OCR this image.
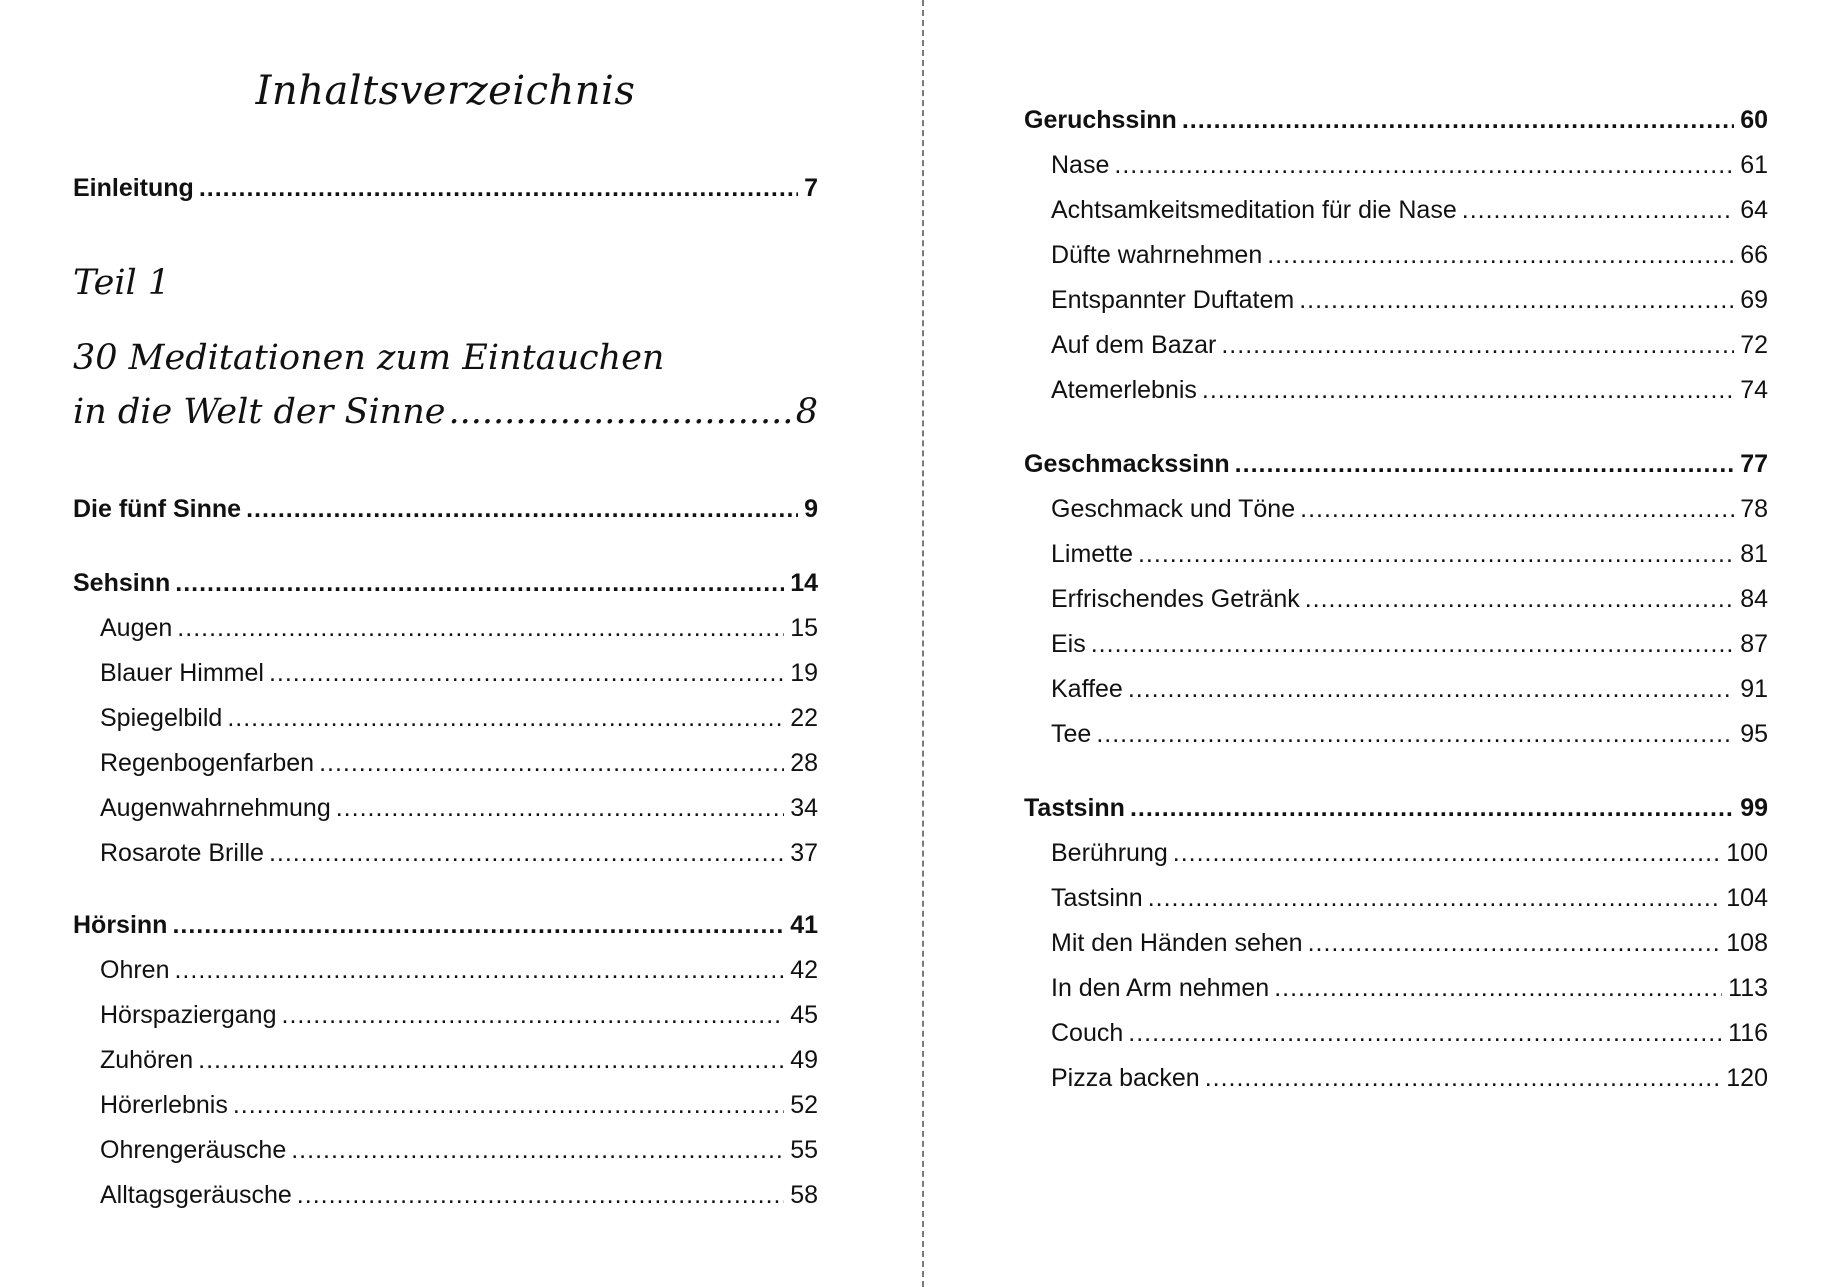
Inhaltsverzeichnis
Einleitung .....	7
Teil 1
30 Meditationen zum Eintauchen
in die Welt der Sinne .....	8
Die fünf Sinne .....	9
Sehsinn .....	14
Augen .....	15
Blauer Himmel .....	19
Spiegelbild .....	22
Regenbogenfarben .....	28
Augenwahrnehmung .....	34
Rosarote Brille .....	37
Hörsinn .....	41
Ohren .....	42
Hörspaziergang .....	45
Zuhören .....	49
Hörerlebnis .....	52
Ohrengeräusche .....	55
Alltagsgeräusche .....	58
Geruchssinn .....	60
Nase .....	61
Achtsamkeitsmeditation für die Nase .....	64
Düfte wahrnehmen .....	66
Entspannter Duftatem .....	69
Auf dem Bazar .....	72
Atemerlebnis .....	74
Geschmackssinn .....	77
Geschmack und Töne .....	78
Limette .....	81
Erfrischendes Getränk .....	84
Eis .....	87
Kaffee .....	91
Tee .....	95
Tastsinn .....	99
Berührung .....	100
Tastsinn .....	104
Mit den Händen sehen .....	108
In den Arm nehmen .....	113
Couch .....	116
Pizza backen .....	120
